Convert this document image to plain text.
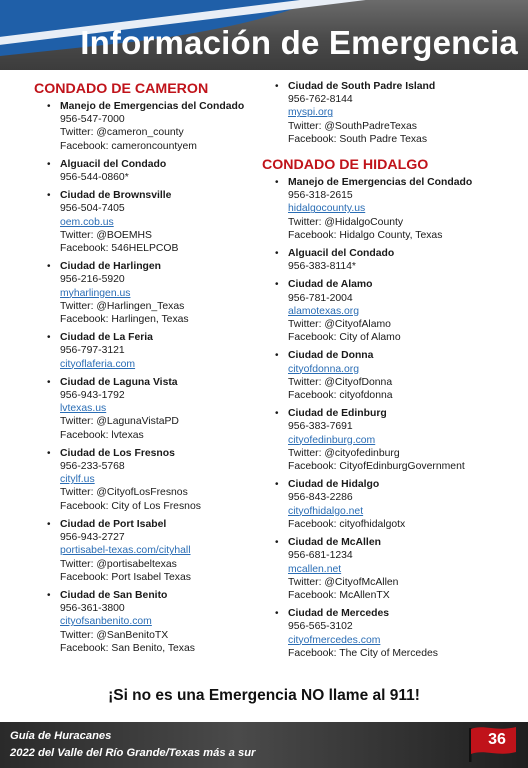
Información de Emergencia
CONDADO DE CAMERON
• Manejo de Emergencias del Condado
956-547-7000
Twitter: @cameron_county
Facebook: cameroncountyem
• Alguacil del Condado
956-544-0860*
• Ciudad de Brownsville
956-504-7405
oem.cob.us
Twitter: @BOEMHS
Facebook: 546HELPCOB
• Ciudad de Harlingen
956-216-5920
myharlingen.us
Twitter: @Harlingen_Texas
Facebook: Harlingen, Texas
• Ciudad de La Feria
956-797-3121
cityoflaferia.com
• Ciudad de Laguna Vista
956-943-1792
lvtexas.us
Twitter: @LagunaVistaPD
Facebook: lvtexas
• Ciudad de Los Fresnos
956-233-5768
citylf.us
Twitter: @CityofLosFresnos
Facebook: City of Los Fresnos
• Ciudad de Port Isabel
956-943-2727
portisabel-texas.com/cityhall
Twitter: @portisabeltexas
Facebook: Port Isabel Texas
• Ciudad de San Benito
956-361-3800
cityofsanbenito.com
Twitter: @SanBenitoTX
Facebook: San Benito, Texas
• Ciudad de South Padre Island
956-762-8144
myspi.org
Twitter: @SouthPadreTexas
Facebook: South Padre Texas
CONDADO DE HIDALGO
• Manejo de Emergencias del Condado
956-318-2615
hidalgocounty.us
Twitter: @HidalgoCounty
Facebook: Hidalgo County, Texas
• Alguacil del Condado
956-383-8114*
• Ciudad de Alamo
956-781-2004
alamotexas.org
Twitter: @CityofAlamo
Facebook: City of Alamo
• Ciudad de Donna
cityofdonna.org
Twitter: @CityofDonna
Facebook: cityofdonna
• Ciudad de Edinburg
956-383-7691
cityofedinburg.com
Twitter: @cityofedinburg
Facebook: CityofEdinburgGovernment
• Ciudad de Hidalgo
956-843-2286
cityofhidalgo.net
Facebook: cityofhidalgotx
• Ciudad de McAllen
956-681-1234
mcallen.net
Twitter: @CityofMcAllen
Facebook: McAllenTX
• Ciudad de Mercedes
956-565-3102
cityofmercedes.com
Facebook: The City of Mercedes
¡Si no es una Emergencia NO llame al 911!
Guía de Huracanes
2022 del Valle del Río Grande/Texas más a sur
36
